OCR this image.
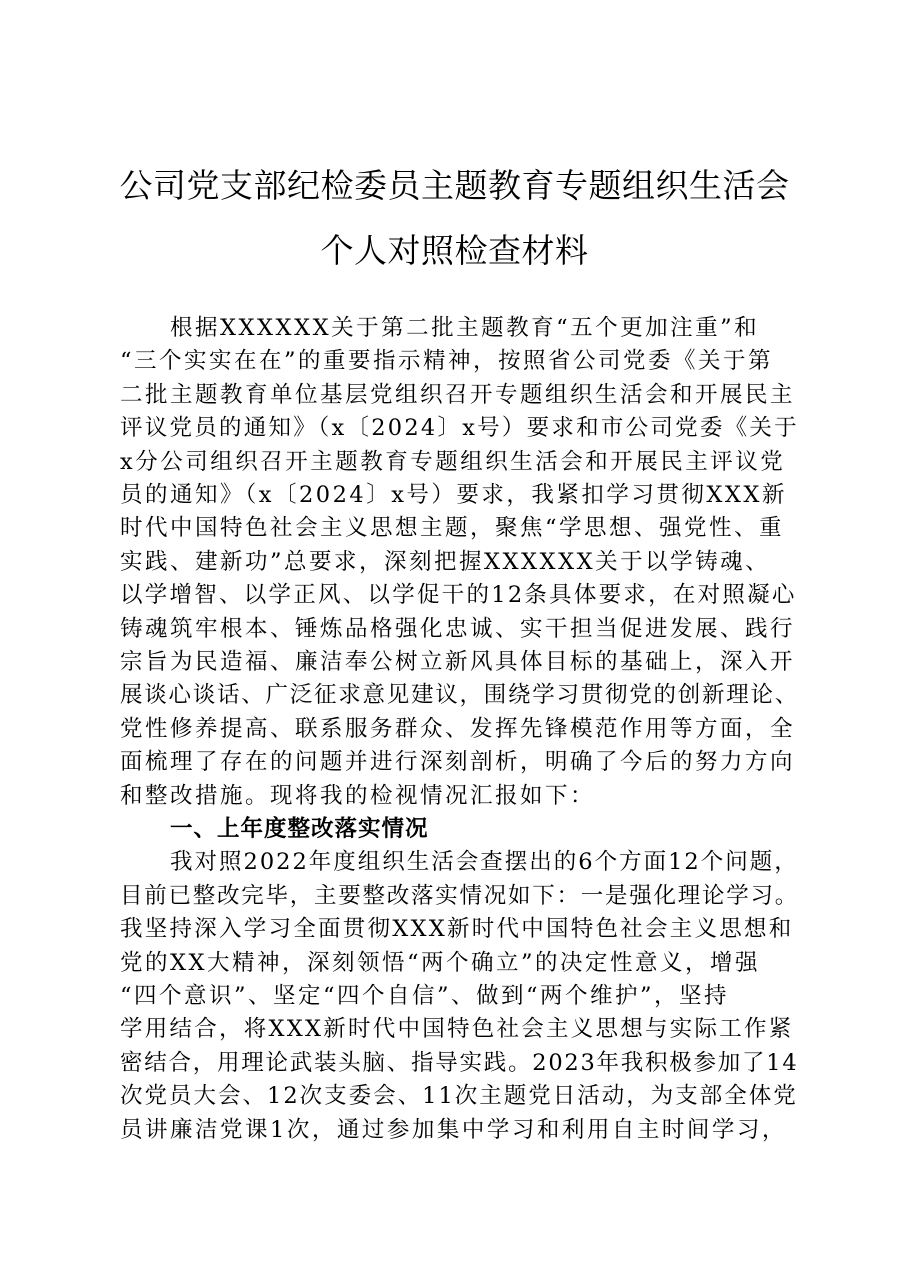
公司党支部纪检委员主题教育专题组织生活会
个人对照检查材料
根据XXXXXX关于第二批主题教育“五个更加注重”和
“三个实实在在”的重要指示精神，按照省公司党委《关于第
二批主题教育单位基层党组织召开专题组织生活会和开展民主
评议党员的通知》（x〔2024〕x号）要求和市公司党委《关于
x分公司组织召开主题教育专题组织生活会和开展民主评议党
员的通知》（x〔2024〕x号）要求，我紧扣学习贯彻XXX新
时代中国特色社会主义思想主题，聚焦“学思想、强党性、重
实践、建新功”总要求，深刻把握XXXXXX关于以学铸魂、
以学增智、以学正风、以学促干的12条具体要求，在对照凝心
铸魂筑牢根本、锤炼品格强化忠诚、实干担当促进发展、践行
宗旨为民造福、廉洁奉公树立新风具体目标的基础上，深入开
展谈心谈话、广泛征求意见建议，围绕学习贯彻党的创新理论、
党性修养提高、联系服务群众、发挥先锋模范作用等方面，全
面梳理了存在的问题并进行深刻剖析，明确了今后的努力方向
和整改措施。现将我的检视情况汇报如下：
一、上年度整改落实情况
我对照2022年度组织生活会查摆出的6个方面12个问题，
目前已整改完毕，主要整改落实情况如下：一是强化理论学习。
我坚持深入学习全面贯彻XXX新时代中国特色社会主义思想和
党的XX大精神，深刻领悟“两个确立”的决定性意义，增强
“四个意识”、坚定“四个自信”、做到“两个维护”，坚持
学用结合，将XXX新时代中国特色社会主义思想与实际工作紧
密结合，用理论武装头脑、指导实践。2023年我积极参加了14
次党员大会、12次支委会、11次主题党日活动，为支部全体党
员讲廉洁党课1次，通过参加集中学习和利用自主时间学习，
